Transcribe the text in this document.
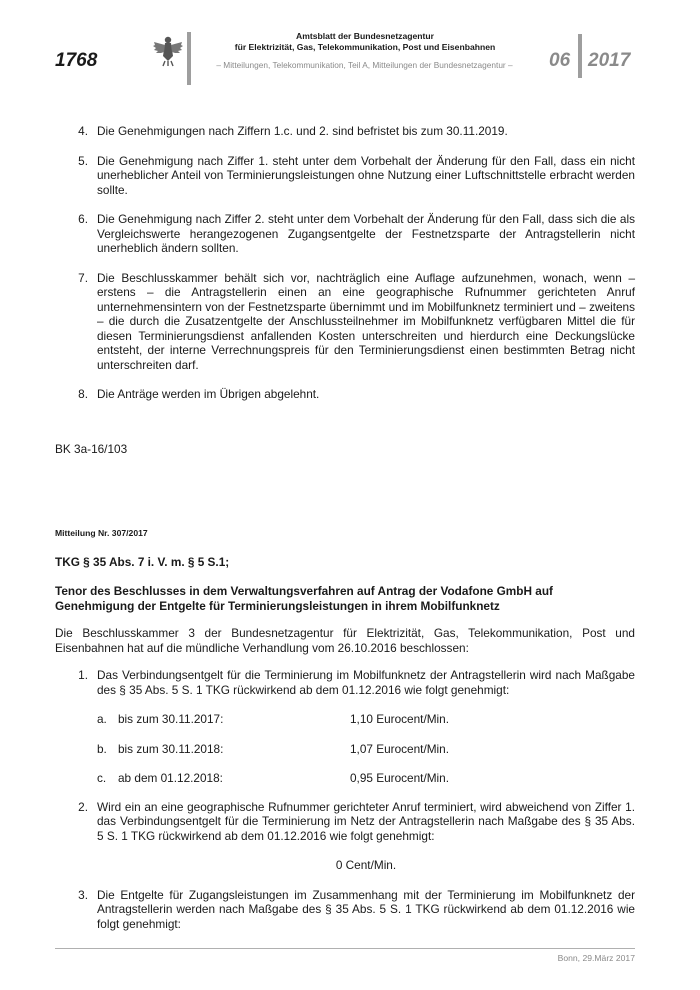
1768
Amtsblatt der Bundesnetzagentur
für Elektrizität, Gas, Telekommunikation, Post und Eisenbahnen
– Mitteilungen, Telekommunikation, Teil A, Mitteilungen der Bundesnetzagentur –	06 2017
4. Die Genehmigungen nach Ziffern 1.c. und 2. sind befristet bis zum 30.11.2019.
5. Die Genehmigung nach Ziffer 1. steht unter dem Vorbehalt der Änderung für den Fall, dass ein nicht unerheblicher Anteil von Terminierungsleistungen ohne Nutzung einer Luftschnittstelle erbracht werden sollte.
6. Die Genehmigung nach Ziffer 2. steht unter dem Vorbehalt der Änderung für den Fall, dass sich die als Vergleichswerte herangezogenen Zugangsentgelte der Festnetzsparte der Antragstellerin nicht unerheblich ändern sollten.
7. Die Beschlusskammer behält sich vor, nachträglich eine Auflage aufzunehmen, wonach, wenn – erstens – die Antragstellerin einen an eine geographische Rufnummer gerichteten Anruf unternehmensintern von der Festnetzsparte übernimmt und im Mobilfunknetz terminiert und – zweitens – die durch die Zusatzentgelte der Anschlussteilnehmer im Mobilfunknetz verfügbaren Mittel die für diesen Terminierungsdienst anfallenden Kosten unterschreiten und hierdurch eine Deckungslücke entsteht, der interne Verrechnungspreis für den Terminierungsdienst einen bestimmten Betrag nicht unterschreiten darf.
8. Die Anträge werden im Übrigen abgelehnt.
BK 3a-16/103
Mitteilung Nr. 307/2017
TKG § 35 Abs. 7 i. V. m. § 5 S.1;
Tenor des Beschlusses in dem Verwaltungsverfahren auf Antrag der Vodafone GmbH auf Genehmigung der Entgelte für Terminierungsleistungen in ihrem Mobilfunknetz
Die Beschlusskammer 3 der Bundesnetzagentur für Elektrizität, Gas, Telekommunikation, Post und Eisenbahnen hat auf die mündliche Verhandlung vom 26.10.2016 beschlossen:
1. Das Verbindungsentgelt für die Terminierung im Mobilfunknetz der Antragstellerin wird nach Maßgabe des § 35 Abs. 5 S. 1 TKG rückwirkend ab dem 01.12.2016 wie folgt genehmigt:
a. bis zum 30.11.2017:	1,10 Eurocent/Min.
b. bis zum 30.11.2018:	1,07 Eurocent/Min.
c.	ab dem 01.12.2018:	0,95 Eurocent/Min.
2. Wird ein an eine geographische Rufnummer gerichteter Anruf terminiert, wird abweichend von Ziffer 1. das Verbindungsentgelt für die Terminierung im Netz der Antragstellerin nach Maßgabe des § 35 Abs. 5 S. 1 TKG rückwirkend ab dem 01.12.2016 wie folgt genehmigt:
0 Cent/Min.
3. Die Entgelte für Zugangsleistungen im Zusammenhang mit der Terminierung im Mobilfunknetz der Antragstellerin werden nach Maßgabe des § 35 Abs. 5 S. 1 TKG rückwirkend ab dem 01.12.2016 wie folgt genehmigt:
Bonn, 29.März 2017
